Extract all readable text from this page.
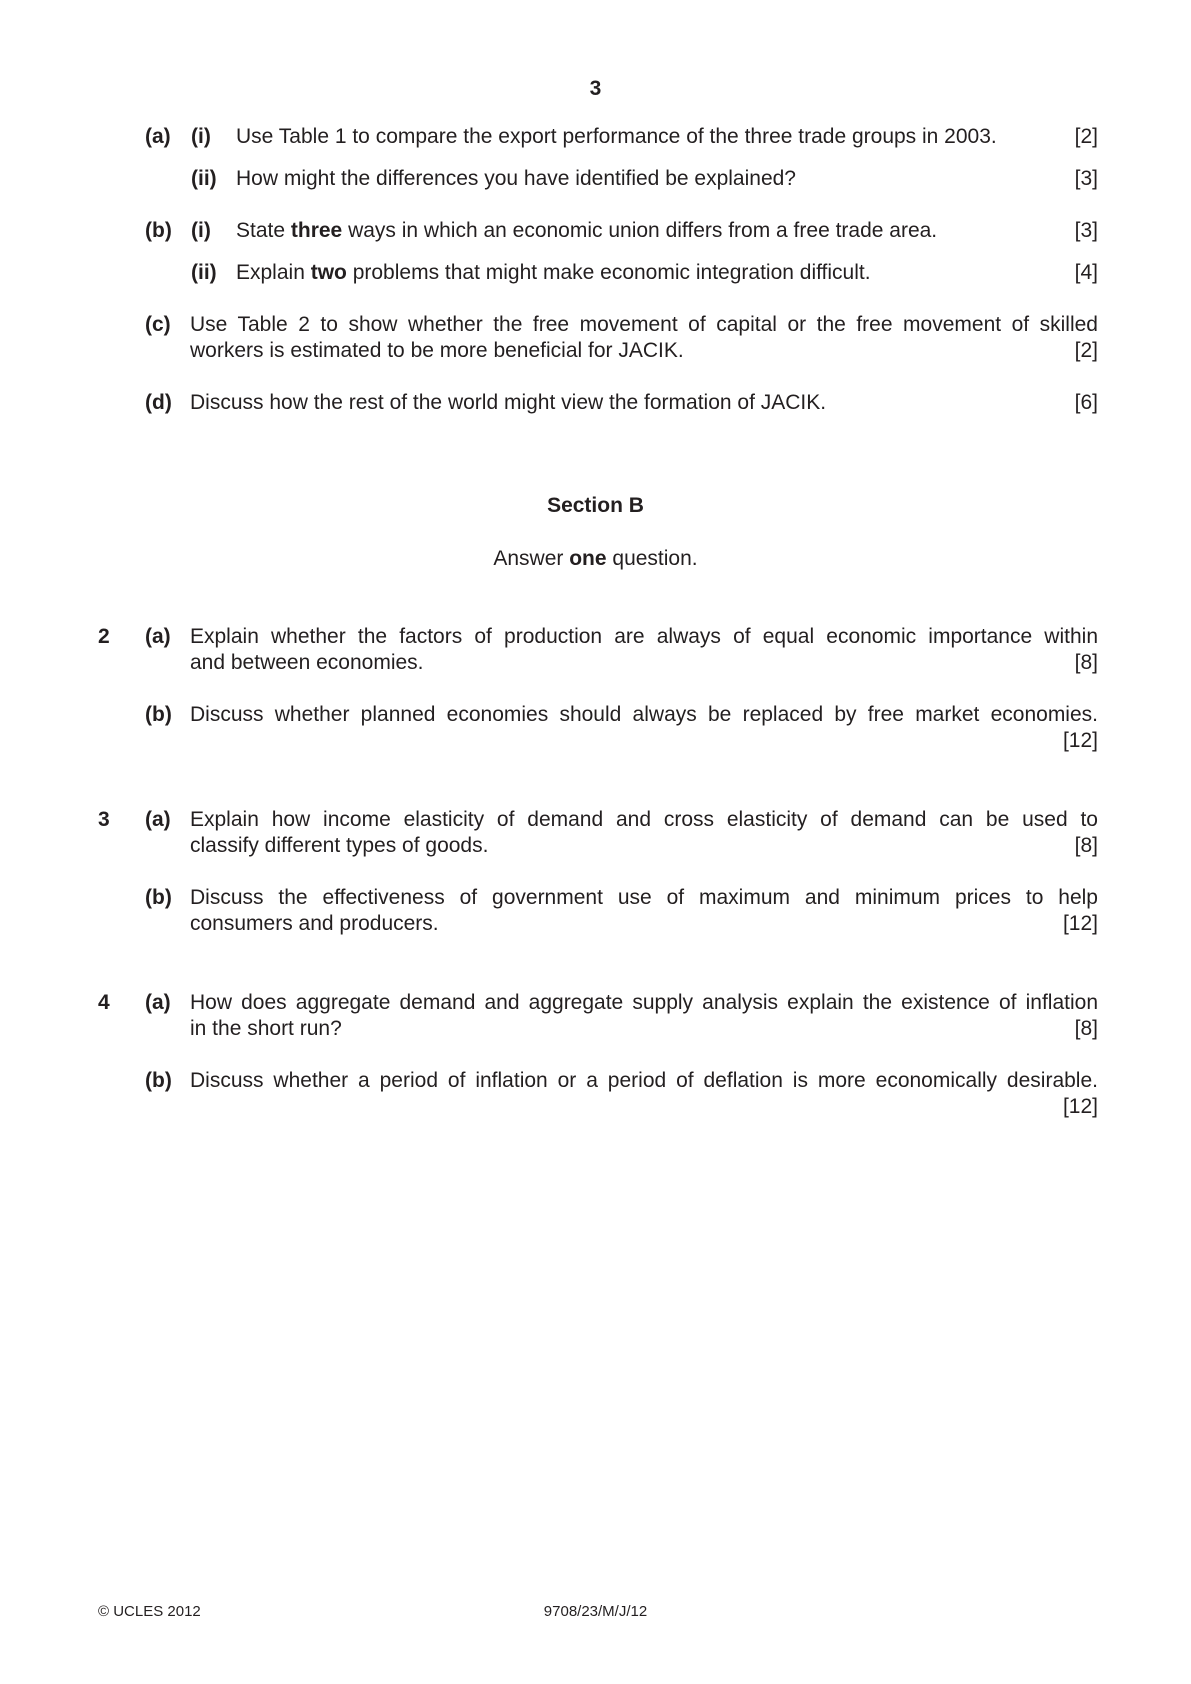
3
(a) (i) Use Table 1 to compare the export performance of the three trade groups in 2003.	[2]
(ii) How might the differences you have identified be explained?	[3]
(b) (i) State three ways in which an economic union differs from a free trade area.	[3]
(ii) Explain two problems that might make economic integration difficult.	[4]
(c) Use Table 2 to show whether the free movement of capital or the free movement of skilled
workers is estimated to be more beneficial for JACIK.	[2]
(d) Discuss how the rest of the world might view the formation of JACIK.	[6]
Section B
Answer one question.
2 (a) Explain whether the factors of production are always of equal economic importance within
and between economies.	[8]
(b) Discuss whether planned economies should always be replaced by free market economies.
[12]
3 (a) Explain how income elasticity of demand and cross elasticity of demand can be used to
classify different types of goods.	[8]
(b) Discuss the effectiveness of government use of maximum and minimum prices to help
consumers and producers.	[12]
4 (a) How does aggregate demand and aggregate supply analysis explain the existence of inflation
in the short run?	[8]
(b) Discuss whether a period of inflation or a period of deflation is more economically desirable.
[12]
© UCLES 2012	9708/23/M/J/12
